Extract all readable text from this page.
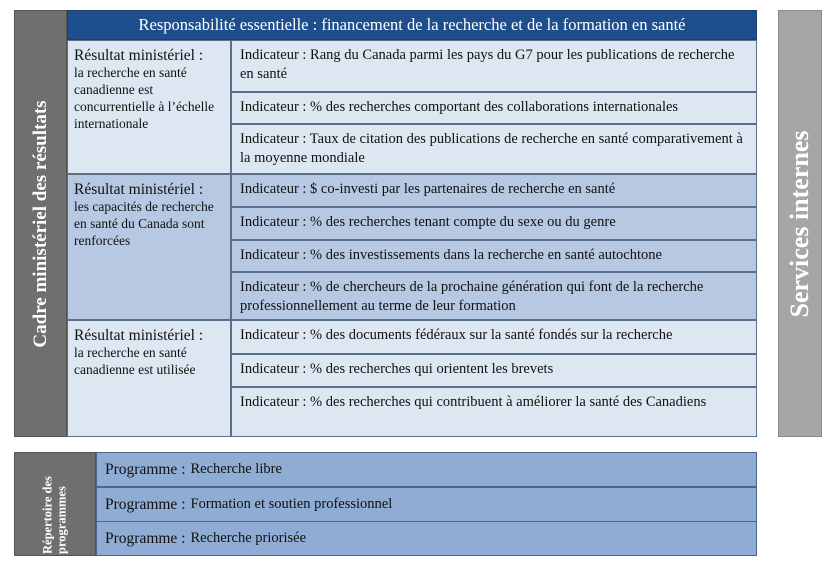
Cadre ministériel des résultats
Responsabilité essentielle : financement de la recherche et de la formation en santé
Résultat ministériel :
la recherche en santé canadienne est concurrentielle à l’échelle internationale
Résultat ministériel :
les capacités de recherche en santé du Canada sont renforcées
Résultat ministériel :
la recherche en santé canadienne est utilisée
Indicateur : Rang du Canada parmi les pays du G7 pour les publications de recherche en santé
Indicateur : % des recherches comportant des collaborations internationales
Indicateur : Taux de citation des publications de recherche en santé comparativement à la moyenne mondiale
Indicateur : $ co-investi par les partenaires de recherche en santé
Indicateur : % des recherches tenant compte du sexe ou du genre
Indicateur : % des investissements dans la recherche en santé autochtone
Indicateur : % de chercheurs de la prochaine génération qui font de la recherche professionnellement au terme de leur formation
Indicateur : % des documents fédéraux sur la santé fondés sur la recherche
Indicateur : % des recherches qui orientent les brevets
Indicateur : % des recherches qui contribuent à améliorer la santé des Canadiens
Services internes
Répertoire des programmes
Programme : Recherche libre
Programme : Formation et soutien professionnel
Programme : Recherche priorisée
